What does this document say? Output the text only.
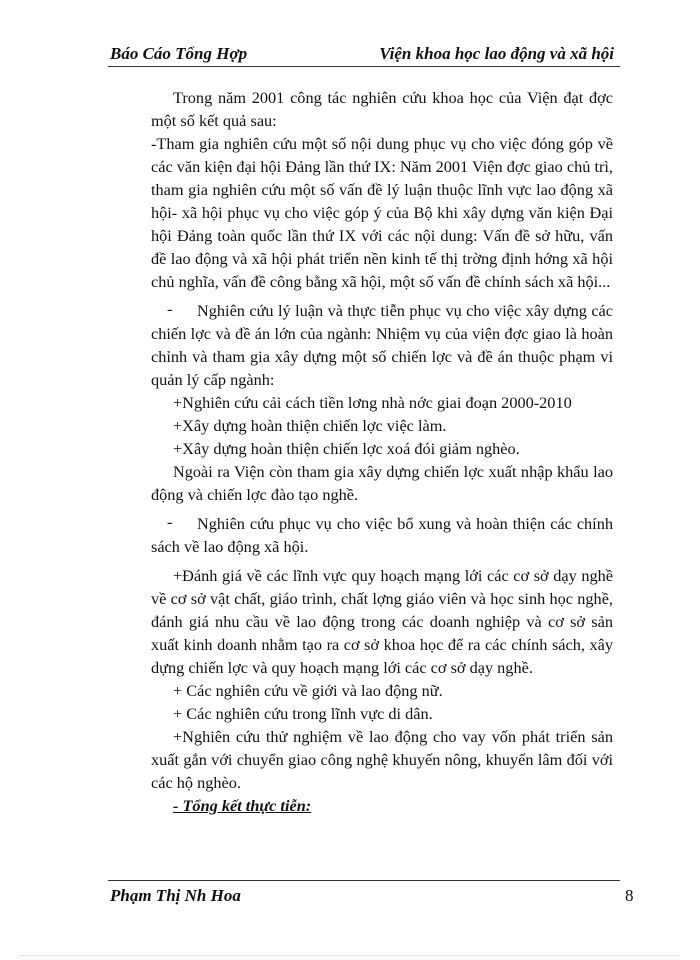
Báo Cáo Tổng Hợp	Viện khoa học lao động và xã hội

Trong năm 2001 công tác nghiên cứu khoa học của Viện đạt đợc một số kết quả sau:

-Tham gia nghiên cứu một số nội dung phục vụ cho việc đóng góp về các văn kiện đại hội Đảng lần thứ IX: Năm 2001 Viện đợc giao chủ trì, tham gia nghiên cứu một số vấn đề lý luận thuộc lĩnh vực lao động xã hội- xã hội phục vụ cho việc góp ý của Bộ khi xây dựng văn kiện Đại hội Đảng toàn quốc lần thứ IX với các nội dung: Vấn đề sở hữu, vấn đề lao động và xã hội phát triển nền kinh tế thị trờng định hớng xã hội chủ nghĩa, vấn đề công bằng xã hội, một số vấn đề chính sách xã hội...

-	Nghiên cứu lý luận và thực tiễn phục vụ cho việc xây dựng các chiến lợc và đề án lớn của ngành: Nhiệm vụ của viện đợc giao là hoàn chỉnh và tham gia xây dựng một số chiến lợc và đề án thuộc phạm vi quản lý cấp ngành:

+Nghiên cứu cải cách tiền lơng nhà nớc giai đoạn 2000-2010

+Xây dựng hoàn thiện chiến lợc việc làm.

+Xây dựng hoàn thiện chiến lợc xoá đói giảm nghèo.

Ngoài ra Viện còn tham gia xây dựng chiến lợc xuất nhập khẩu lao động và chiến lợc đào tạo nghề.

-	Nghiên cứu phục vụ cho việc bổ xung và hoàn thiện các chính sách về lao động xã hội.

+Đánh giá về các lĩnh vực quy hoạch mạng lới các cơ sở dạy nghề về cơ sở vật chất, giáo trình, chất lợng giáo viên và học sinh học nghề, đánh giá nhu cầu về lao động trong các doanh nghiệp và cơ sở sản xuất kinh doanh nhằm tạo ra cơ sở khoa học để ra các chính sách, xây dựng chiến lợc và quy hoạch mạng lới các cơ sở dạy nghề.

+ Các nghiên cứu về giới và lao động nữ.

+ Các nghiên cứu trong lĩnh vực di dân.

+Nghiên cứu thử nghiệm về lao động cho vay vốn phát triển sản xuất gắn với chuyển giao công nghệ khuyến nông, khuyến lâm đối với các hộ nghèo.

- Tổng kết thực tiễn:

Phạm Thị Nh Hoa	8
